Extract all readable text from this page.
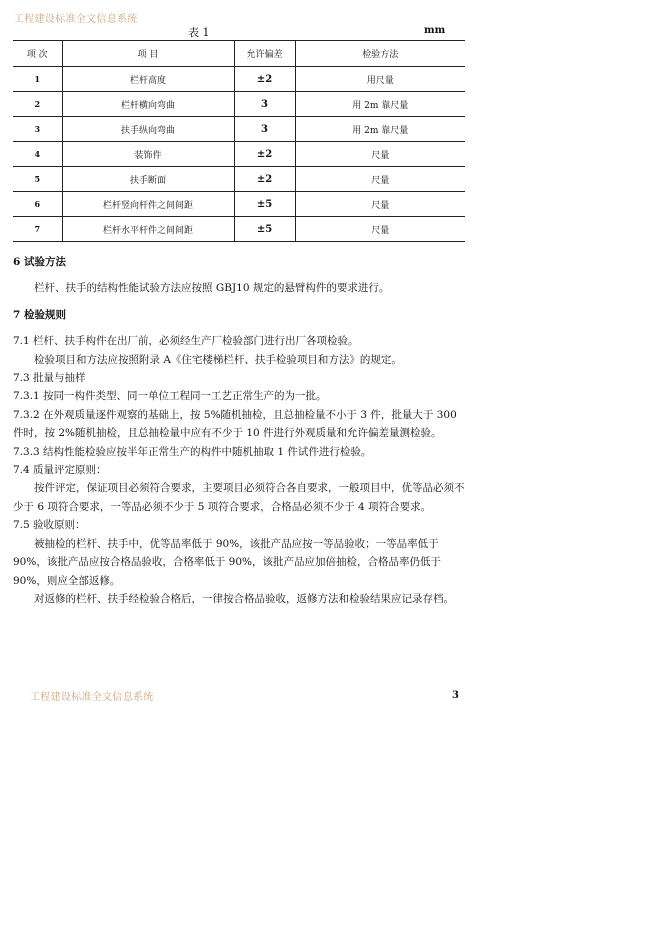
工程建设标准全文信息系统
表 1	mm
项 次	项 目	允许偏差	检验方法
1	栏杆高度	±2	用尺量
2	栏杆横向弯曲	3	用 2m 靠尺量
3	扶手纵向弯曲	3	用 2m 靠尺量
4	装饰件	±2	尺量
5	扶手断面	±2	尺量
6	栏杆竖向杆件之间间距	±5	尺量
7	栏杆水平杆件之间间距	±5	尺量

6 试验方法

栏杆、扶手的结构性能试验方法应按照 GBJ10 规定的悬臂构件的要求进行。

7 检验规则

7.1 栏杆、扶手构件在出厂前，必须经生产厂检验部门进行出厂各项检验。

检验项目和方法应按照附录 A《住宅楼梯栏杆、扶手检验项目和方法》的规定。

7.3 批量与抽样

7.3.1 按同一构件类型、同一单位工程同一工艺正常生产的为一批。

7.3.2 在外观质量逐件观察的基础上，按 5%随机抽检，且总抽检量不小于 3 件，批量大于 300 件时，按 2%随机抽检，且总抽检量中应有不少于 10 件进行外观质量和允许偏差量测检验。

7.3.3 结构性能检验应按半年正常生产的构件中随机抽取 1 件试件进行检验。

7.4 质量评定原则：

按件评定，保证项目必须符合要求，主要项目必须符合各自要求，一般项目中，优等品必须不少于 6 项符合要求，一等品必须不少于 5 项符合要求，合格品必须不少于 4 项符合要求。

7.5 验收原则：

被抽检的栏杆、扶手中，优等品率低于 90%，该批产品应按一等品验收；一等品率低于 90%，该批产品应按合格品验收，合格率低于 90%，该批产品应加倍抽检，合格品率仍低于 90%，则应全部返修。

对返修的栏杆、扶手经检验合格后，一律按合格品验收，返修方法和检验结果应记录存档。

工程建设标准全文信息系统	3
